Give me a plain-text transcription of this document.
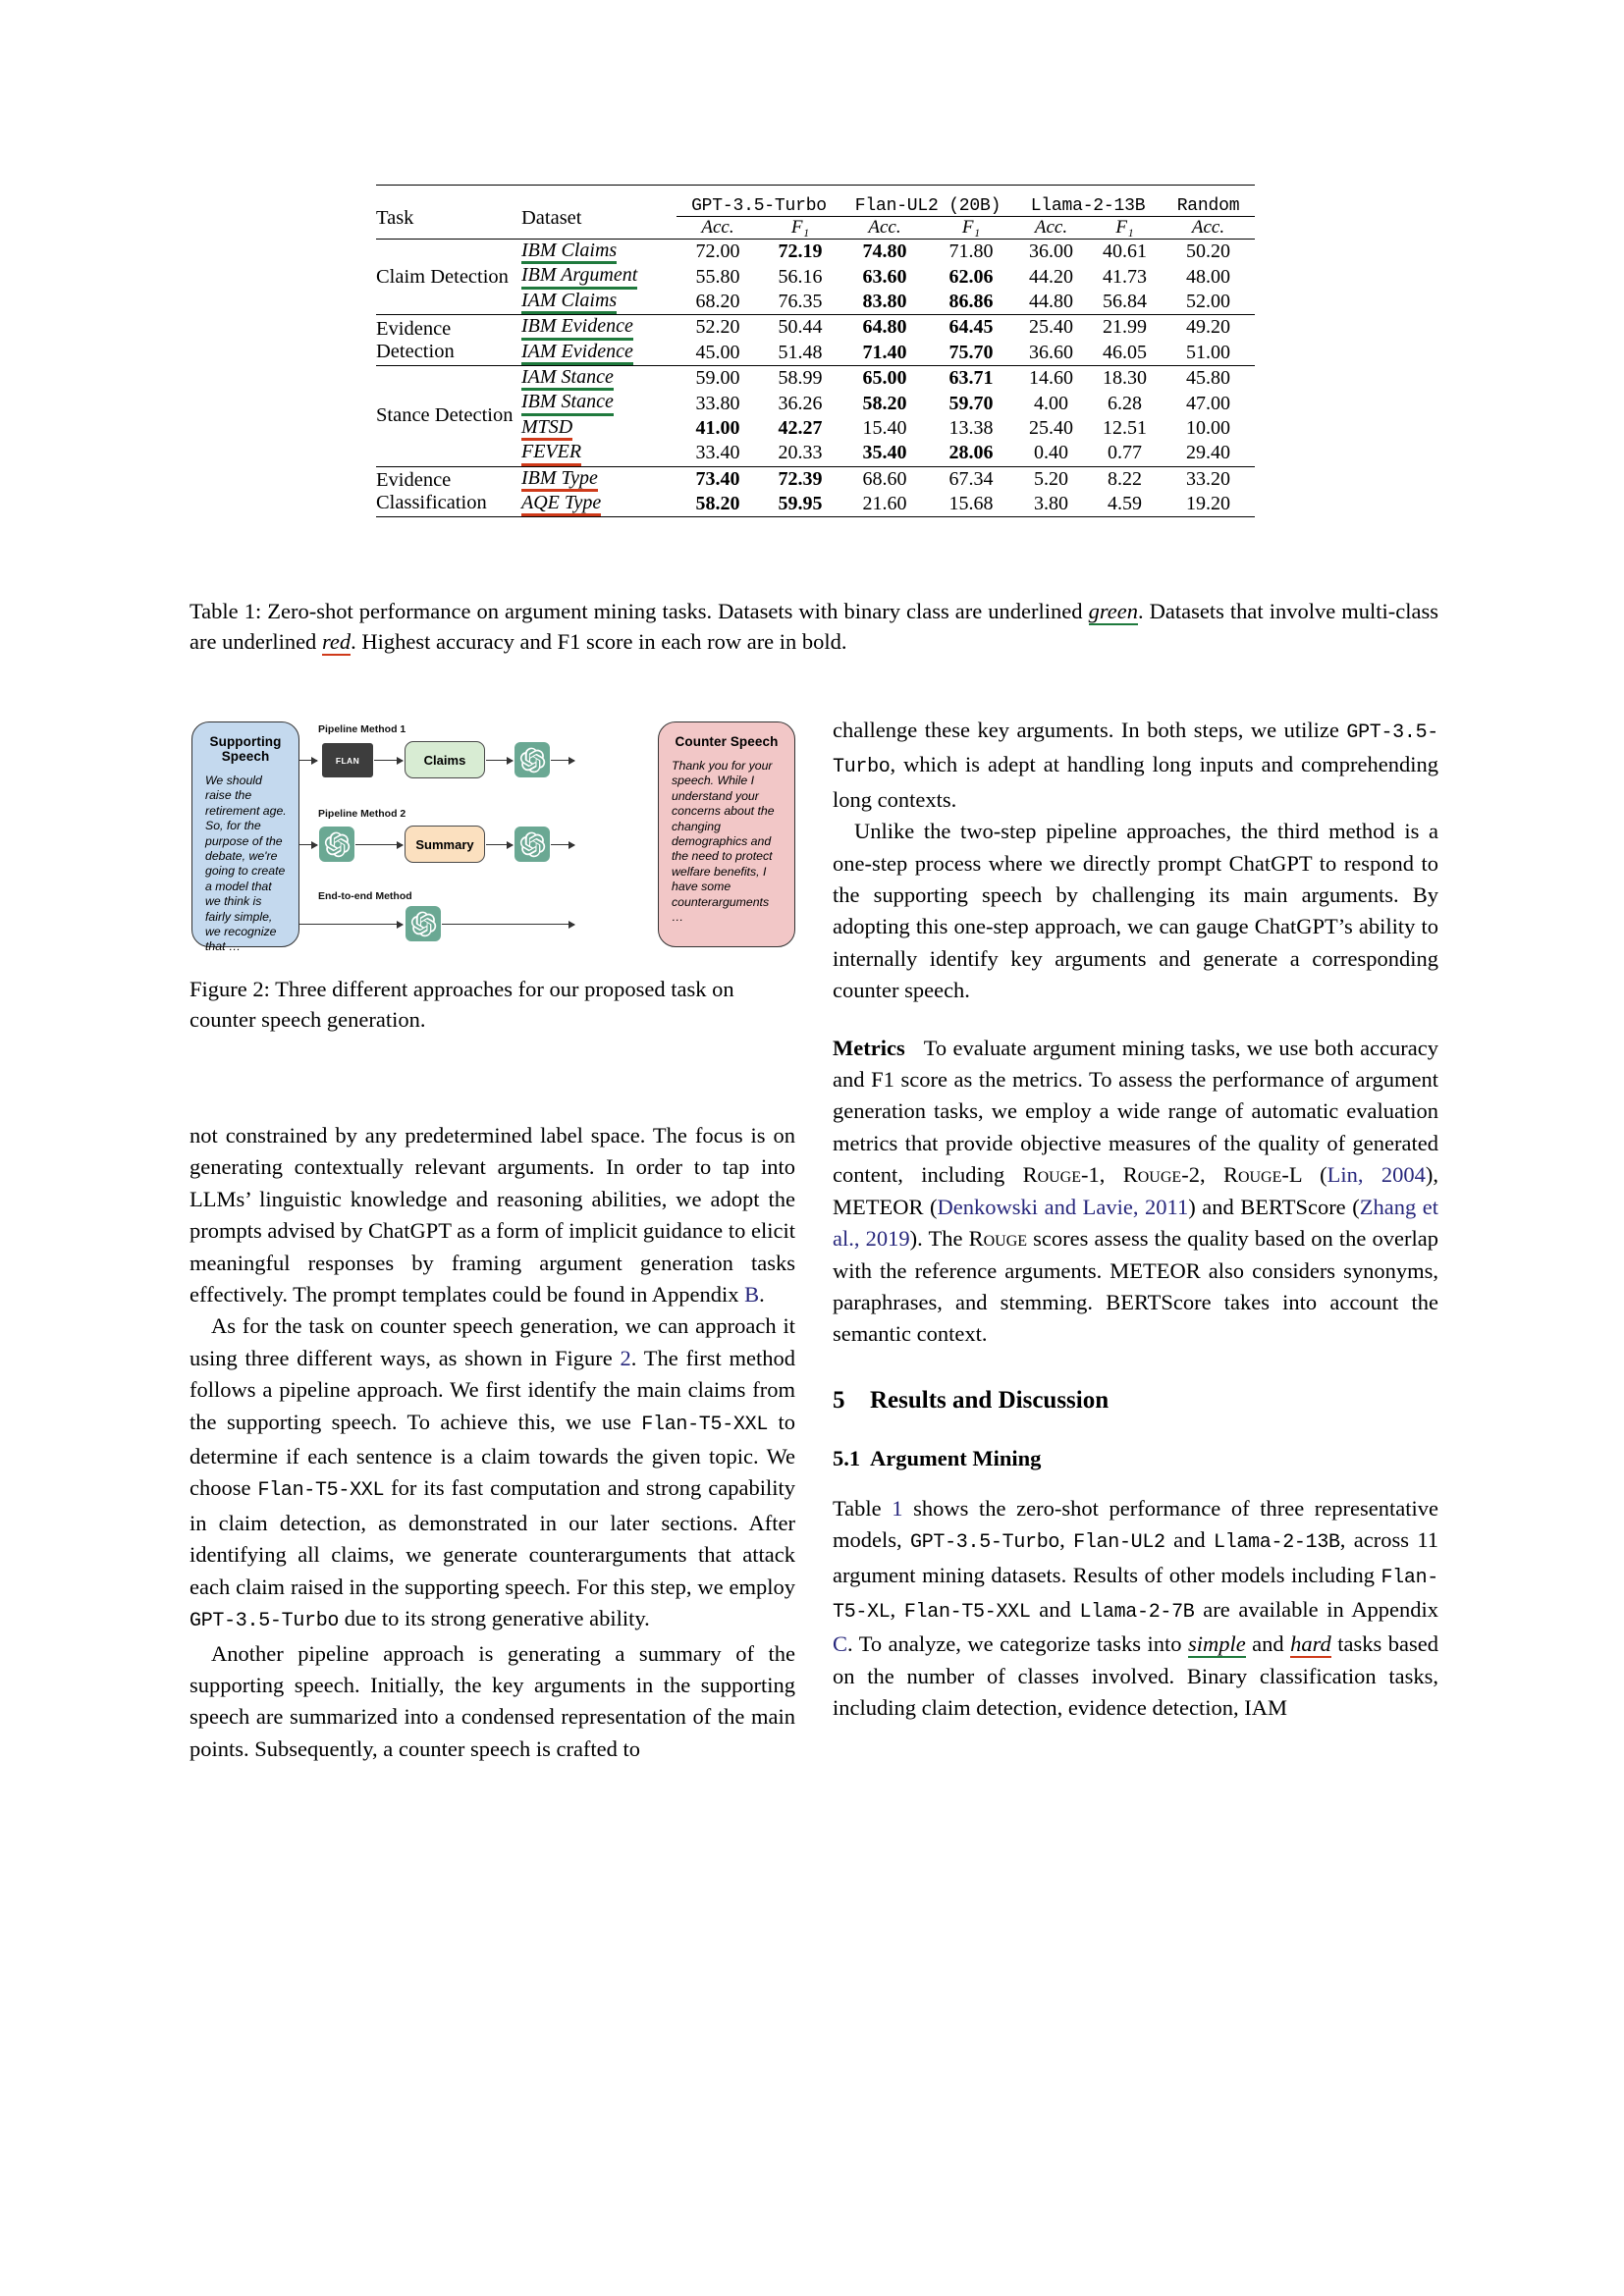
Task	Dataset	GPT-3.5-Turbo		Flan-UL2 (20B)		Llama-2-13B		Random
		Acc.	F₁	Acc.	F₁	Acc.	F₁	Acc.
Claim Detection	IBM Claims	72.00	72.19	74.80	71.80	36.00	40.61	50.20
	IBM Argument	55.80	56.16	63.60	62.06	44.20	41.73	48.00
	IAM Claims	68.20	76.35	83.80	86.86	44.80	56.84	52.00
Evidence Detection	IBM Evidence	52.20	50.44	64.80	64.45	25.40	21.99	49.20
	IAM Evidence	45.00	51.48	71.40	75.70	36.60	46.05	51.00
Stance Detection	IAM Stance	59.00	58.99	65.00	63.71	14.60	18.30	45.80
	IBM Stance	33.80	36.26	58.20	59.70	4.00	6.28	47.00
	MTSD	41.00	42.27	15.40	13.38	25.40	12.51	10.00
	FEVER	33.40	20.33	35.40	28.06	0.40	0.77	29.40
Evidence Classification	IBM Type	73.40	72.39	68.60	67.34	5.20	8.22	33.20
	AQE Type	58.20	59.95	21.60	15.68	3.80	4.59	19.20
Table 1: Zero-shot performance on argument mining tasks. Datasets with binary class are underlined green. Datasets that involve multi-class are underlined red. Highest accuracy and F1 score in each row are in bold.
Supporting Speech
We should raise the retirement age. So, for the purpose of the debate, we're going to create a model that we think is fairly simple, we recognize that …
Counter Speech
Thank you for your speech. While I understand your concerns about the changing demographics and the need to protect welfare benefits, I have some counterarguments …
Pipeline Method 1
FLAN	Claims
Pipeline Method 2
Summary
End-to-end Method
Figure 2: Three different approaches for our proposed task on counter speech generation.

not constrained by any predetermined label space. The focus is on generating contextually relevant arguments. In order to tap into LLMs’ linguistic knowledge and reasoning abilities, we adopt the prompts advised by ChatGPT as a form of implicit guidance to elicit meaningful responses by framing argument generation tasks effectively. The prompt templates could be found in Appendix B.

As for the task on counter speech generation, we can approach it using three different ways, as shown in Figure 2. The first method follows a pipeline approach. We first identify the main claims from the supporting speech. To achieve this, we use Flan-T5-XXL to determine if each sentence is a claim towards the given topic. We choose Flan-T5-XXL for its fast computation and strong capability in claim detection, as demonstrated in our later sections. After identifying all claims, we generate counterarguments that attack each claim raised in the supporting speech. For this step, we employ GPT-3.5-Turbo due to its strong generative ability.

Another pipeline approach is generating a summary of the supporting speech. Initially, the key arguments in the supporting speech are summarized into a condensed representation of the main points. Subsequently, a counter speech is crafted to

challenge these key arguments. In both steps, we utilize GPT-3.5-Turbo, which is adept at handling long inputs and comprehending long contexts.

Unlike the two-step pipeline approaches, the third method is a one-step process where we directly prompt ChatGPT to respond to the supporting speech by challenging its main arguments. By adopting this one-step approach, we can gauge ChatGPT’s ability to internally identify key arguments and generate a corresponding counter speech.

Metrics To evaluate argument mining tasks, we use both accuracy and F1 score as the metrics. To assess the performance of argument generation tasks, we employ a wide range of automatic evaluation metrics that provide objective measures of the quality of generated content, including Rouge-1, Rouge-2, Rouge-L (Lin, 2004), METEOR (Denkowski and Lavie, 2011) and BERTScore (Zhang et al., 2019). The Rouge scores assess the quality based on the overlap with the reference arguments. METEOR also considers synonyms, paraphrases, and stemming. BERTScore takes into account the semantic context.

5 Results and Discussion
5.1 Argument Mining

Table 1 shows the zero-shot performance of three representative models, GPT-3.5-Turbo, Flan-UL2 and Llama-2-13B, across 11 argument mining datasets. Results of other models including Flan-T5-XL, Flan-T5-XXL and Llama-2-7B are available in Appendix C. To analyze, we categorize tasks into simple and hard tasks based on the number of classes involved. Binary classification tasks, including claim detection, evidence detection, IAM
